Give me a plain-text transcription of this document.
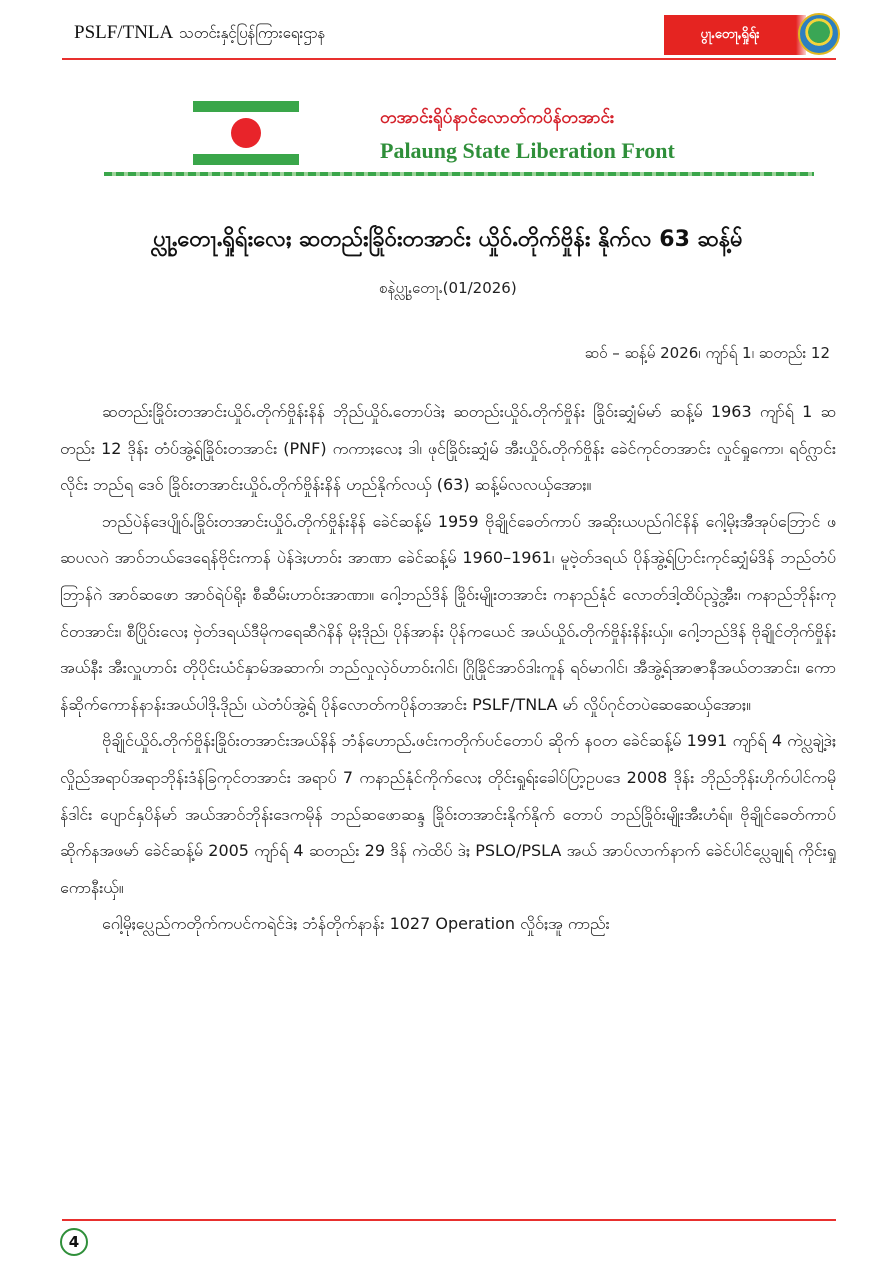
PSLF/TNLA သတင်းနှင့်ပြန်ကြားရေးဌာန	ပွႃႉတေႃႇရှိုရ်း
တအာင်းရိုပ်နာင်လောတ်ကပိန်တအာင်း
Palaung State Liberation Front
ပ္လွႃႉတေႃႉရှိုရ်းလေႈ ဆတည်းခြိုဝ်းတအာင်း ယှိုဝ်ႉတိုက်ဗှိုန်း နိုက်လ 63 ဆန့်မ်
စနဲပ္လွႃႉတေႃႉ(01/2026)
ဆဝ် – ဆန့်မ် 2026၊ ကျာ်ရ် 1၊ ဆတည်း 12

ဆတည်းခြိုဝ်းတအာင်းယှိုဝ်ႉတိုက်ဗှိုန်းနိန် ဘိုည်ယှိုဝ်ႉတောပ်ဒဲႈ ဆတည်းယှိုဝ်ႉတိုက်ဗှိုန်း ခြိုဝ်းဆျှံမ်မာ် ဆန့်မ် 1963 ကျာ်ရ် 1 ဆတည်း 12 ဒိုန်း တံပ်အွဲ့ရ်ခြိုဝ်းတအာင်း (PNF) ကကာႈလေႈ ဒါ၊ ဖုင်ခြိုဝ်းဆျှံမ် အီးယှိုဝ်ႉတိုက်ဗှိုန်း ခေဲင်ကုင်တအာင်း လှုင်ရှုကော၊ ရဝ်ဂ္လာင်းလိုင်း ဘည်ရ ဒေဝ် ခြိုဝ်းတအာင်းယှိုဝ်ႉတိုက်ဗှိုန်းနိန် ဟည်နိုက်လယှ် (63) ဆန့်မ်လလယှ်အောႈ။

ဘည်ပဲန်ဒေပျိုဝ်ႉခြိုဝ်းတအာင်းယှိုဝ်ႉတိုက်ဗှိုန်းနိန် ခေဲင်ဆန့်မ် 1959 ဗိုချိုင်ခေတ်ကာပ် အဆိုးယပည်ဂါင်နိန် ဂေါ့မိုႈအီအုပ်ဘြောင် ဖဆပလဂဲ အာဝ်ဘယ်ဒေရေန်ဗိုင်းကာန် ပဲန်ဒဲႈဟာဝ်း အာဏာ ခေဲင်ဆန့်မ် 1960–1961၊ မူဗဲ့တ်ဒရယ် ပိုန်အွဲ့ရ်ပြာင်းကုင်ဆျှံမ်ဒိန် ဘည်တံပ်ဘြာန်ဂဲ အာဝ်ဆဖော အာဝ်ရဲပ်ရိုး စီဆီမ်းဟာဝ်းအာဏာ။ ဂေါ့ဘည်ဒိန် ခြိုဝ်းမျိုးတအာင်း ကနာည်နုံင် လောတ်ဒါ့ထိပ်ည္ဒွဲ့အီး၊ ကနာည်ဘိုန်းကုင်တအာင်း၊ စီပြိုဝ်းလေႈ ဗှဲတ်ဒရယ်ဒီမိုကရေဆီဂဲနိန် မိုႈဒိုည်၊ ပိုန်အာန်း ပိုန်ကယေင် အယ်ယှိုဝ်ႉတိုက်ဗှိုန်းနိန်းယှ်။ ဂေါ့ဘည်ဒိန် ဗိုချိုင်တိုက်ဗှိုန်း အယ်နီး အီးလှူဟာဝ်း တိုပိုင်းယံင်နှာမ်အဆာက်၊ ဘည်လှုလှဲဝ်ဟာဝ်းဂါင်၊ ဂြိုခြိုင်အာဝ်ဒါးကူန် ရဝ်မာဂါင်၊ အီအွဲ့ရ်အာဇာနီအယ်တအာင်း၊ ကောန်ဆိုက်ကောန်နာန်းအယ်ပါဒိုႉဒိုည်၊ ယဲတံပ်အွဲ့ရ် ပိုန်လောတ်ကပိုန်တအာင်း PSLF/TNLA မာ် လှိုပ်ဂုင်တပဲဆေဆေယှ်အောႈ။

ဗိုချိုင်ယှိုဝ်ႉတိုက်ဗှိုန်းခြိုဝ်းတအာင်းအယ်နိန် ဘံန်ဟောည်ႉဖင်းကတိုက်ပင်တောပ် ဆိုက် နဝတ ခေဲင်ဆန့်မ် 1991 ကျာ်ရ် 4 ကဲပ္လချဲ့ဒဲႈလှိုည်အရာပ်အရာဘိုန်းဒံန်ခြကုင်တအာင်း အရာပ် 7 ကနာည်နုံင်ကိုက်လေႈ တိုင်းရှုရ်းခေါပ်ပြာ့ဥပဒေ 2008 ဒိုန်း ဘိုည်ဘိုန်းဟိုက်ပါင်ကမိုန်ဒါင်း ပျောင်နှပိန်မာ် အယ်အာဝ်ဘိုန်းဒေကမိုန် ဘည်ဆဖောဆန္ဒ ခြိုဝ်းတအာင်းနိုက်နိုက် တောပ် ဘည်ခြိုဝ်းမျိုးအီးဟံရ်။ ဗိုချိုင်ခေတ်ကာပ် ဆိုက်နအဖမာ် ခေဲင်ဆန့်မ် 2005 ကျာ်ရ် 4 ဆတည်း 29 ဒိန် ကဲထိပ် ဒဲႈ PSLO/PSLA အယ် အာပ်လာက်နာက် ခေဲင်ပါင်ပ္လေချုရ် ကိုင်းရှုကောနီးယှ်။

ဂေါ့မိုႈပ္လေည်ကတိုက်ကပင်ကရဲင်ဒဲႈ ဘံန်တိုက်နာန်း 1027 Operation လှိုဝ်ႈအူ ကာည်း

4
